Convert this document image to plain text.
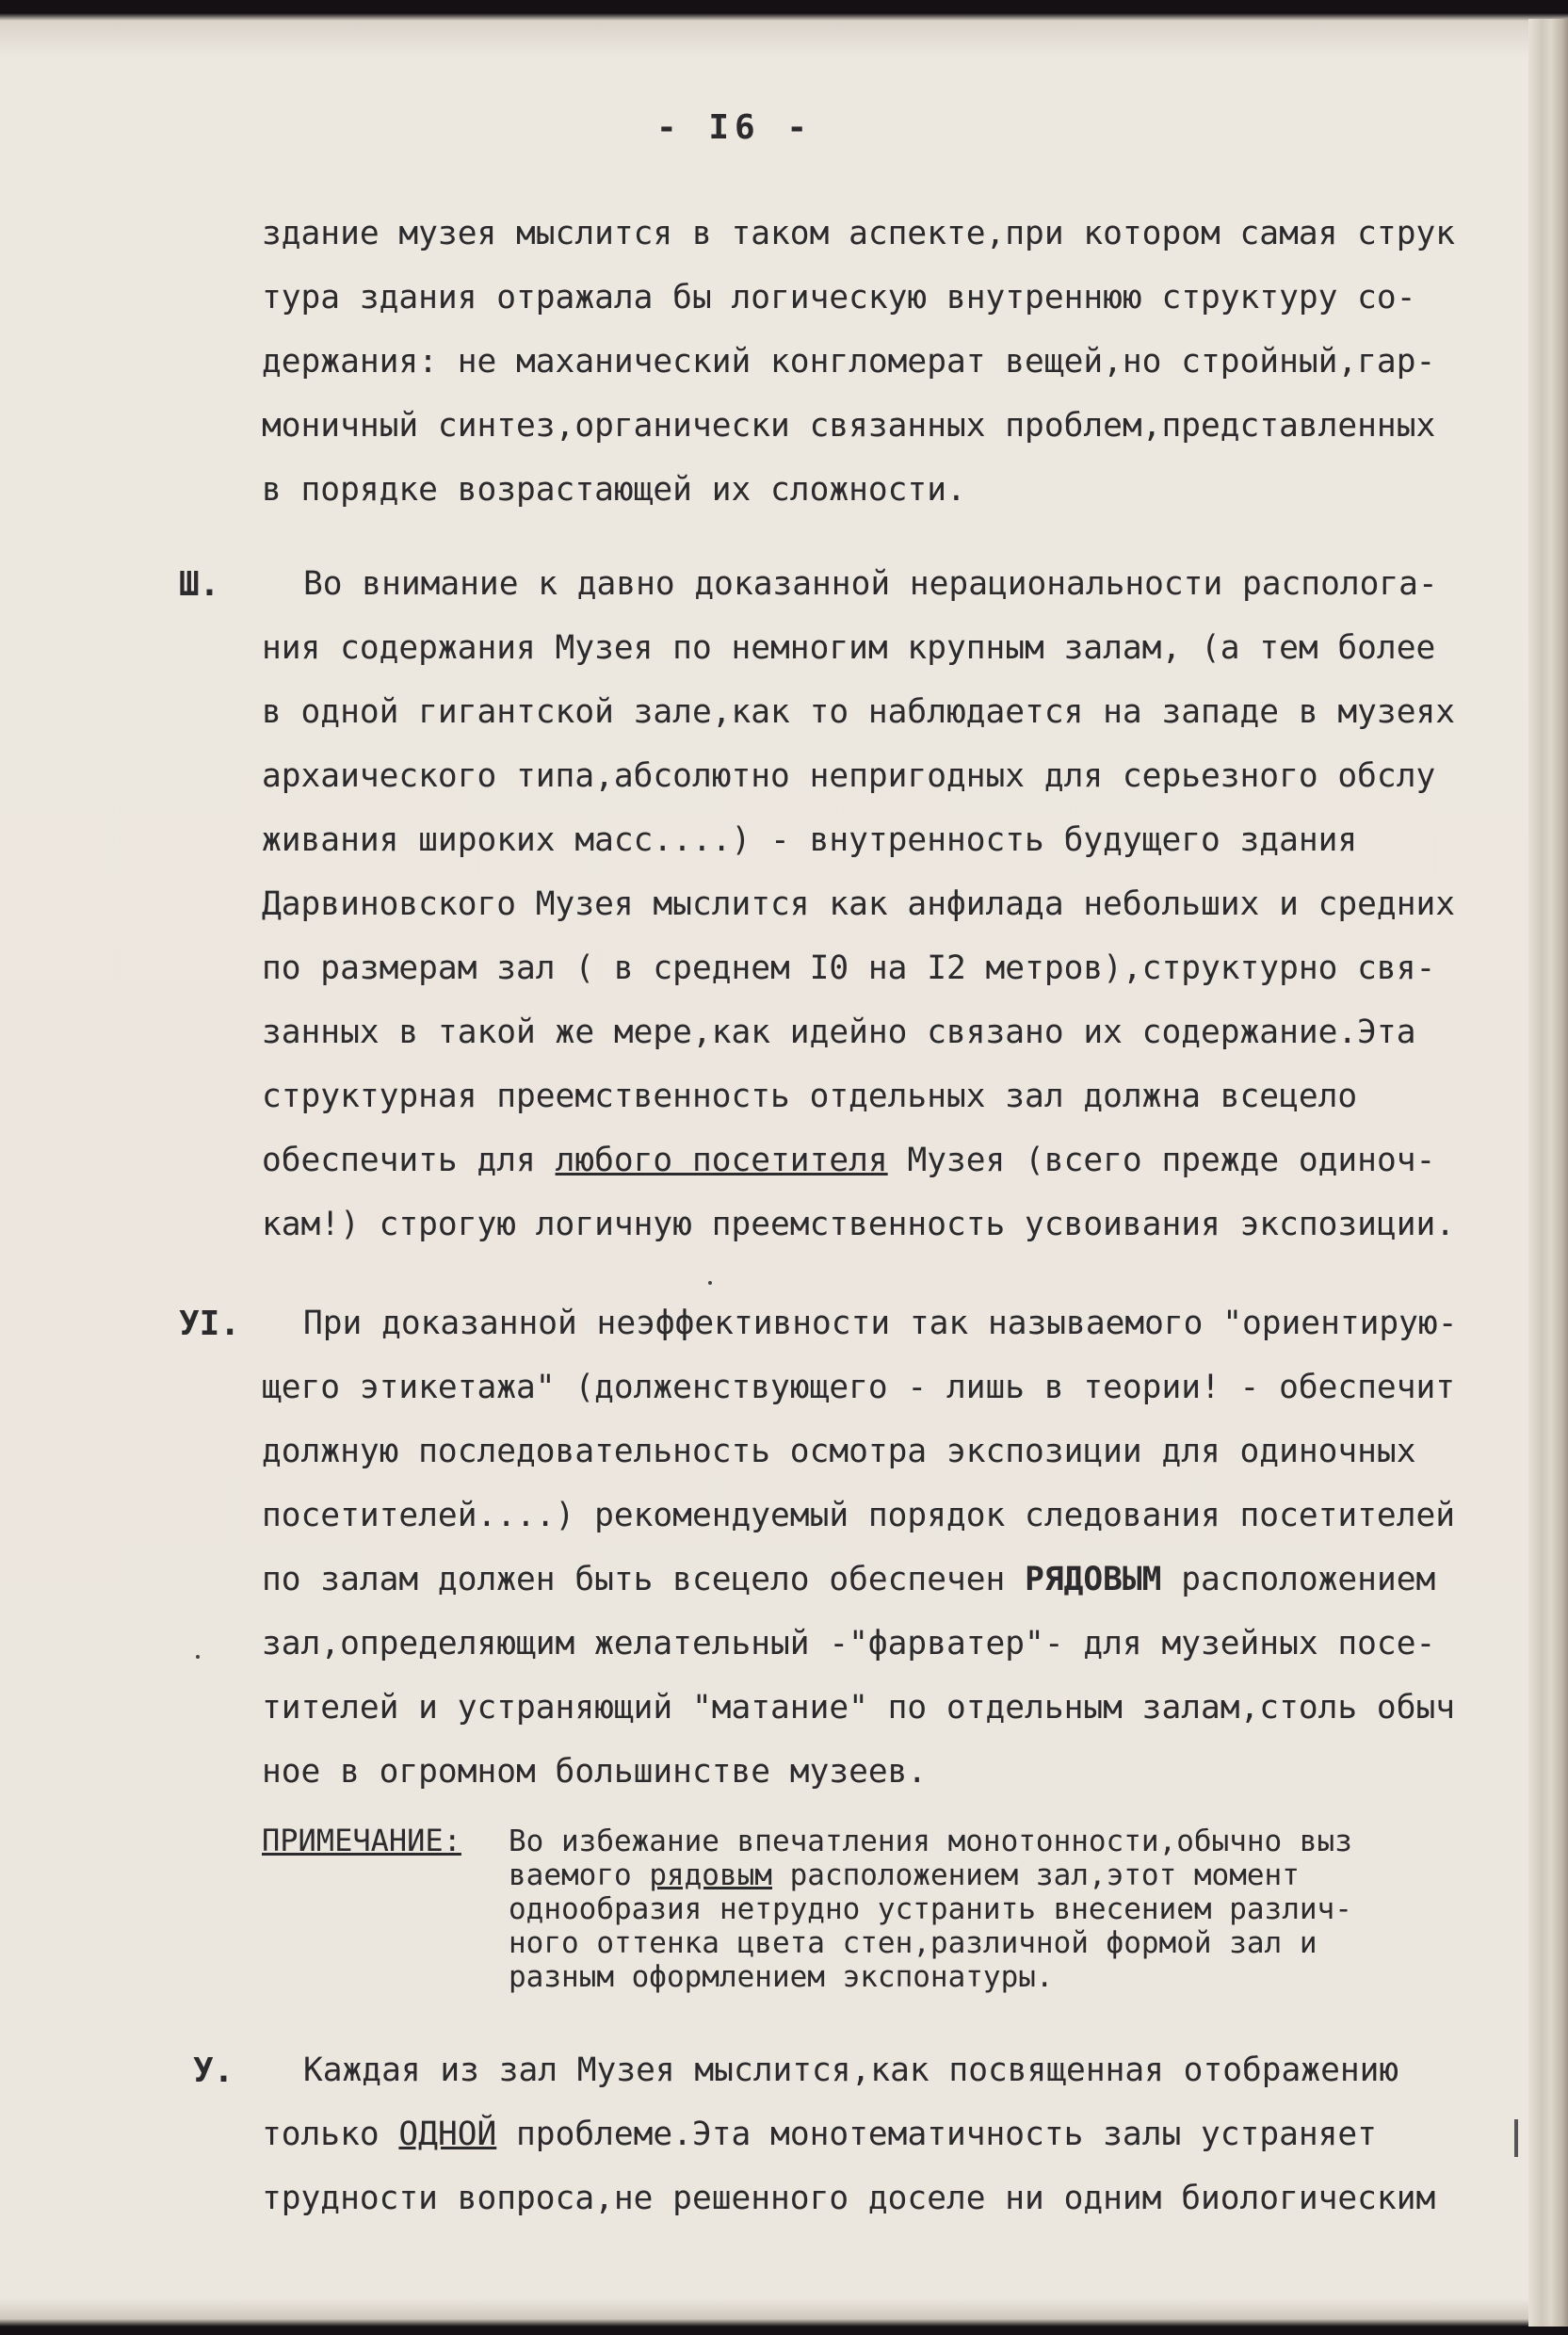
- I6 -
здание музея мыслится в таком аспекте,при котором самая струк
тура здания отражала бы логическую внутреннюю структуру со-
держания: не маханический конгломерат вещей,но стройный,гар-
моничный синтез,органически связанных проблем,представленных
в порядке возрастающей их сложности.
Ш.	Во внимание к давно доказанной нерациональности распологa-
ния содержания Музея по немногим крупным залам, (а тем более
в одной гигантской зале,как то наблюдается на западе в музеях
архаического типа,абсолютно непригодных для серьезного обслу
живания широких масс....) - внутренность будущего здания
Дарвиновского Музея мыслится как анфилада небольших и средних
по размерам зал ( в среднем I0 на I2 метров),структурно свя-
занных в такой же мере,как идейно связано их содержание.Эта
структурная преемственность отдельных зал должна всецело
обеспечить для любого посетителя Музея (всего прежде одиноч-
кам!) строгую логичную преемственность усвоивания экспозиции.
УI. При доказанной неэффективности так называемого "ориентирую-
щего этикетажа" (долженствующего - лишь в теории! - обеспечит
должную последовательность осмотра экспозиции для одиночных
посетителей....) рекомендуемый порядок следования посетителей
по залам должен быть всецело обеспечен РЯДОВЫМ расположением
зал,определяющим желательный -"фарватер"- для музейных посе-
тителей и устраняющий "матание" по отдельным залам,столь обыч
ное в огромном большинстве музеев.
ПРИМЕЧАНИЕ: Во избежание впечатления монотонности,обычно выз
ваемого рядовым расположением зал,этот момент
однообразия нетрудно устранить внесением различ-
ного оттенка цвета стен,различной формой зал и
разным оформлением экспонатуры.
У. Каждая из зал Музея мыслится,как посвященная отображению
только ОДНОЙ проблеме.Эта монотематичность залы устраняет
трудности вопроса,не решенного доселе ни одним биологическим
